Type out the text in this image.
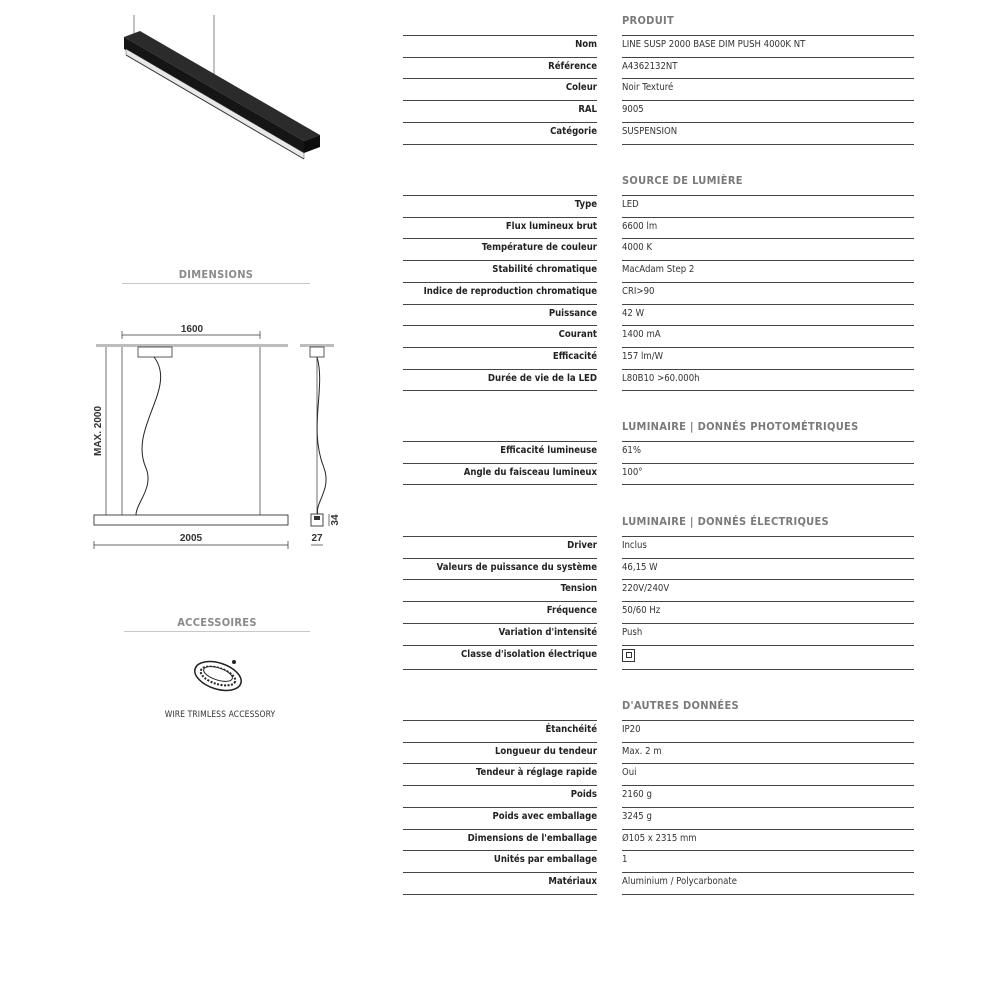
DIMENSIONS
1600
MAX. 2000
2005
34
27
ACCESSOIRES
WIRE TRIMLESS ACCESSORY
PRODUIT
Nom	LINE SUSP 2000 BASE DIM PUSH 4000K NT
Référence	A4362132NT
Coleur	Noir Texturé
RAL	9005
Catégorie	SUSPENSION
SOURCE DE LUMIÈRE
Type	LED
Flux lumineux brut	6600 lm
Température de couleur	4000 K
Stabilité chromatique	MacAdam Step 2
Indice de reproduction chromatique	CRI>90
Puissance	42 W
Courant	1400 mA
Efficacité	157 lm/W
Durée de vie de la LED	L80B10 >60.000h
LUMINAIRE | DONNÉS PHOTOMÉTRIQUES
Efficacité lumineuse	61%
Angle du faisceau lumineux	100°
LUMINAIRE | DONNÉS ÉLECTRIQUES
Driver	Inclus
Valeurs de puissance du système	46,15 W
Tension	220V/240V
Fréquence	50/60 Hz
Variation d'intensité	Push
Classe d'isolation électrique
D'AUTRES DONNÉES
Étanchéité	IP20
Longueur du tendeur	Max. 2 m
Tendeur à réglage rapide	Oui
Poids	2160 g
Poids avec emballage	3245 g
Dimensions de l'emballage	Ø105 x 2315 mm
Unités par emballage	1
Matériaux	Aluminium / Polycarbonate
